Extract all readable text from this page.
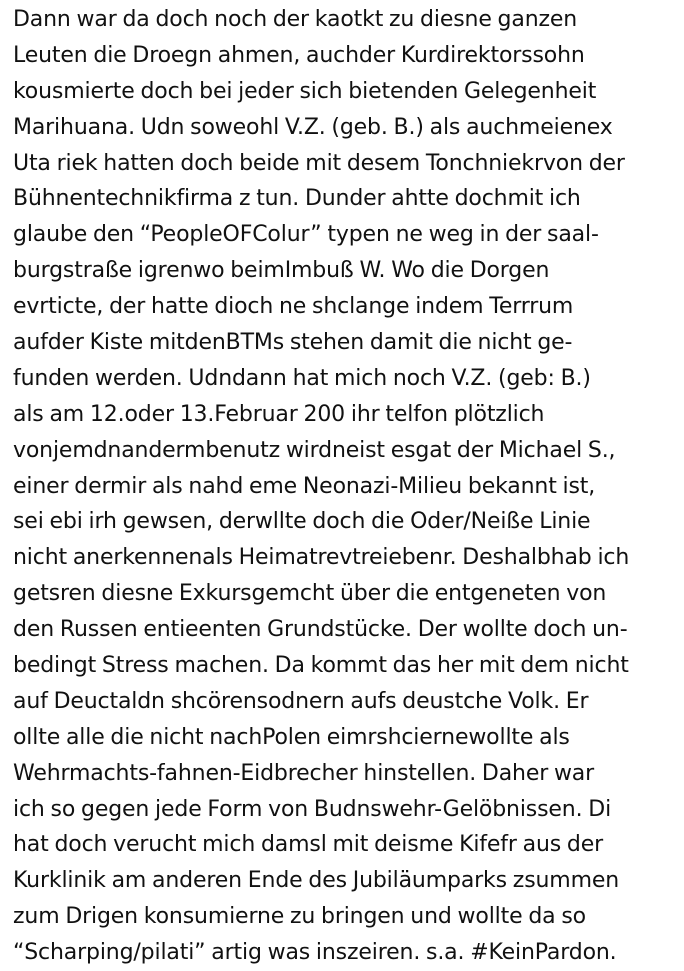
Dann war da doch noch der kaotkt zu diesne ganzen
Leuten die Droegn ahmen, auchder Kurdirektorssohn
kousmierte doch bei jeder sich bietenden Gelegenheit
Marihuana. Udn soweohl V.Z. (geb. B.) als auchmeienex
Uta riek hatten doch beide mit desem Tonchniekrvon der
Bühnentechnikfirma z tun. Dunder ahtte dochmit ich
glaube den “PeopleOFColur” typen ne weg in der saal-
burgstraße igrenwo beimImbuß W. Wo die Dorgen
evrticte, der hatte dioch ne shclange indem Terrrum
aufder Kiste mitdenBTMs stehen damit die nicht ge-
funden werden. Udndann hat mich noch V.Z. (geb: B.)
als am 12.oder 13.Februar 200 ihr telfon plötzlich
vonjemdnandermbenutz wirdneist esgat der Michael S.,
einer dermir als nahd eme Neonazi-Milieu bekannt ist,
sei ebi irh gewsen, derwllte doch die Oder/Neiße Linie
nicht anerkennenals Heimatrevtreiebenr. Deshalbhab ich
getsren diesne Exkursgemcht über die entgeneten von
den Russen entieenten Grundstücke. Der wollte doch un-
bedingt Stress machen. Da kommt das her mit dem nicht
auf Deuctaldn shcörensodnern aufs deustche Volk. Er
ollte alle die nicht nachPolen eimrshciernewollte als
Wehrmachts-fahnen-Eidbrecher hinstellen. Daher war
ich so gegen jede Form von Budnswehr-Gelöbnissen. Di
hat doch verucht mich damsl mit deisme Kifefr aus der
Kurklinik am anderen Ende des Jubiläumparks zsummen
zum Drigen konsumierne zu bringen und wollte da so
“Scharping/pilati” artig was inszeiren. s.a. #KeinPardon.
